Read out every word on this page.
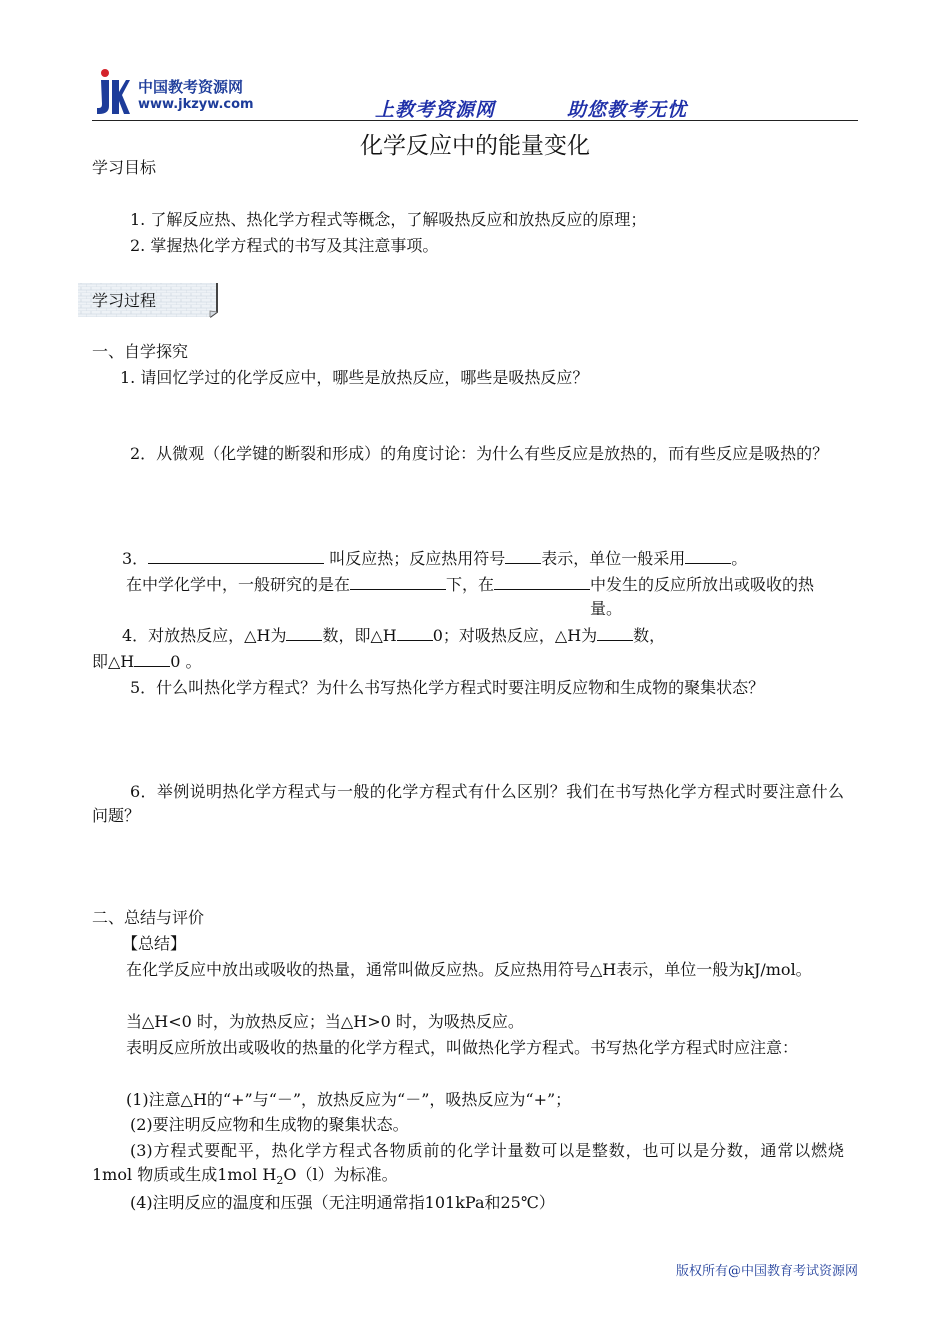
中国教考资源网
www.jkzyw.com	上教考资源网	助您教考无忧
化学反应中的能量变化
学习目标
1. 了解反应热、热化学方程式等概念，了解吸热反应和放热反应的原理；
2. 掌握热化学方程式的书写及其注意事项。
学习过程
一、自学探究
1. 请回忆学过的化学反应中，哪些是放热反应，哪些是吸热反应？
2．从微观（化学键的断裂和形成）的角度讨论：为什么有些反应是放热的，而有些反应是吸热的？
3．	叫反应热；反应热用符号 表示，单位一般采用	。
在中学化学中，一般研究的是在	下，在	中发生的反应所放出或吸收的热量。
4．对放热反应，△H为 数，即△H 0；对吸热反应，△H为 数，
即△H 0 。
5．什么叫热化学方程式？为什么书写热化学方程式时要注明反应物和生成物的聚集状态？
6．举例说明热化学方程式与一般的化学方程式有什么区别？我们在书写热化学方程式时要注意什么问题？
二、总结与评价
【总结】
在化学反应中放出或吸收的热量，通常叫做反应热。反应热用符号△H表示，单位一般为kJ/mol。
当△H<0 时，为放热反应；当△H>0 时，为吸热反应。
表明反应所放出或吸收的热量的化学方程式，叫做热化学方程式。书写热化学方程式时应注意：
(1)注意△H的“+”与“－”，放热反应为“－”，吸热反应为“+”；
(2)要注明反应物和生成物的聚集状态。
(3)方程式要配平，热化学方程式各物质前的化学计量数可以是整数，也可以是分数，通常以燃烧1mol 物质或生成1mol $H_2O(l)$为标准。
(4)注明反应的温度和压强（无注明通常指101kPa和25℃）
版权所有@中国教育考试资源网
